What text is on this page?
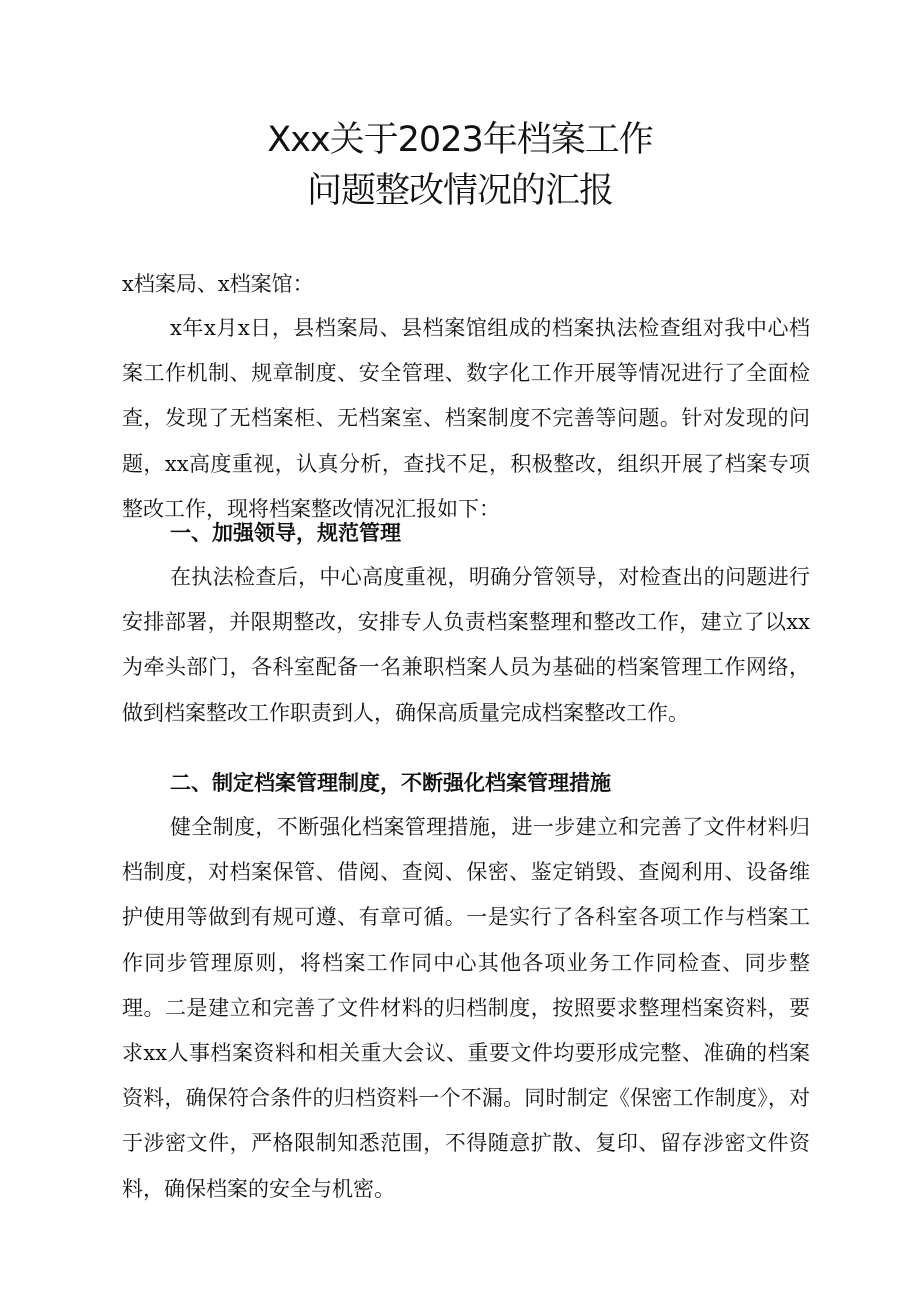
Xxx关于2023年档案工作
问题整改情况的汇报
x档案局、x档案馆：
x年x月x日，县档案局、县档案馆组成的档案执法检查组对我中心档案工作机制、规章制度、安全管理、数字化工作开展等情况进行了全面检查，发现了无档案柜、无档案室、档案制度不完善等问题。针对发现的问题，xx高度重视，认真分析，查找不足，积极整改，组织开展了档案专项整改工作，现将档案整改情况汇报如下：
一、加强领导，规范管理
在执法检查后，中心高度重视，明确分管领导，对检查出的问题进行安排部署，并限期整改，安排专人负责档案整理和整改工作，建立了以xx为牵头部门，各科室配备一名兼职档案人员为基础的档案管理工作网络，做到档案整改工作职责到人，确保高质量完成档案整改工作。
二、制定档案管理制度，不断强化档案管理措施
健全制度，不断强化档案管理措施，进一步建立和完善了文件材料归档制度，对档案保管、借阅、查阅、保密、鉴定销毁、查阅利用、设备维护使用等做到有规可遵、有章可循。一是实行了各科室各项工作与档案工作同步管理原则，将档案工作同中心其他各项业务工作同检查、同步整理。二是建立和完善了文件材料的归档制度，按照要求整理档案资料，要求xx人事档案资料和相关重大会议、重要文件均要形成完整、准确的档案资料，确保符合条件的归档资料一个不漏。同时制定《保密工作制度》，对于涉密文件，严格限制知悉范围，不得随意扩散、复印、留存涉密文件资料，确保档案的安全与机密。
